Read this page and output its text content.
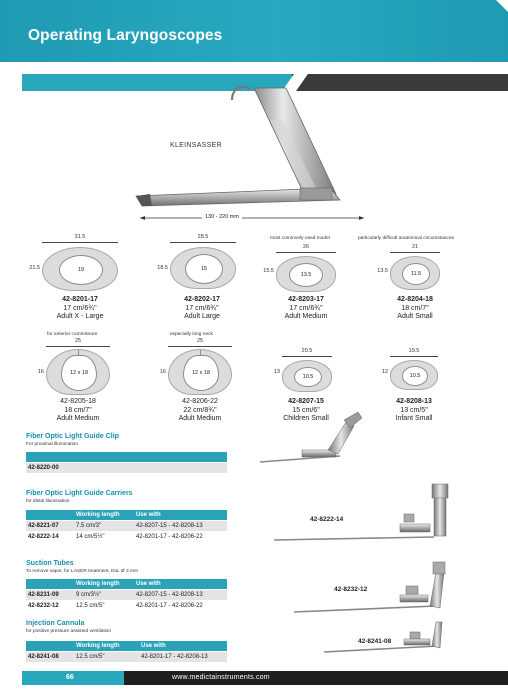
Operating Laryngoscopes
KLEINSASSER
130 - 220 mm
most commonly used model	particularly difficult anatomical circumstances
for anterior commissure	especially long neck
31.5
21.5	19
42-8201-17
17 cm/6¾"
Adult X - Large
28.5
18.5	15
42-8202-17
17 cm/6¾"
Adult Large
26
15.5
13.5
42-8203-17
17 cm/6¾"
Adult Medium
21
13.5	11.5
42-8204-18
18 cm/7"
Adult Small
25
16	12 x 18
42-8205-18
18 cm/7"
Adult Medium
25
16	12 x 18
42-8206-22
22 cm/8¾"
Adult Medium
20.5
13
10.5
42-8207-15
15 cm/6"
Children Small
19.5
12
10.5
42-8208-13
13 cm/5"
Infant Small
Fiber Optic Light Guide Clip
For proximal illumination
42-8220-00
Fiber Optic Light Guide Carriers
for distal illumination
Working length	Use with
42-8221-07	7.5 cm/3"	42-8207-15 - 42-8208-13
42-8222-14	14 cm/5½"	42-8201-17 - 42-8206-22
Suction Tubes
To remove vapor, for LASER treatment, Dia. Ø 3 mm
Working length	Use with
42-8231-09	9 cm/3½"	42-8207-15 - 42-8208-13
42-8232-12	12.5 cm/5"	42-8201-17 - 42-8206-22
Injection Cannula
for positive pressure assisted ventilation
Working length	Use with
42-8241-08	12.5 cm/5"	42-8201-17 - 42-8208-13
42-8222-14
42-8232-12
42-8241-08
66	www.medictainstruments.com
